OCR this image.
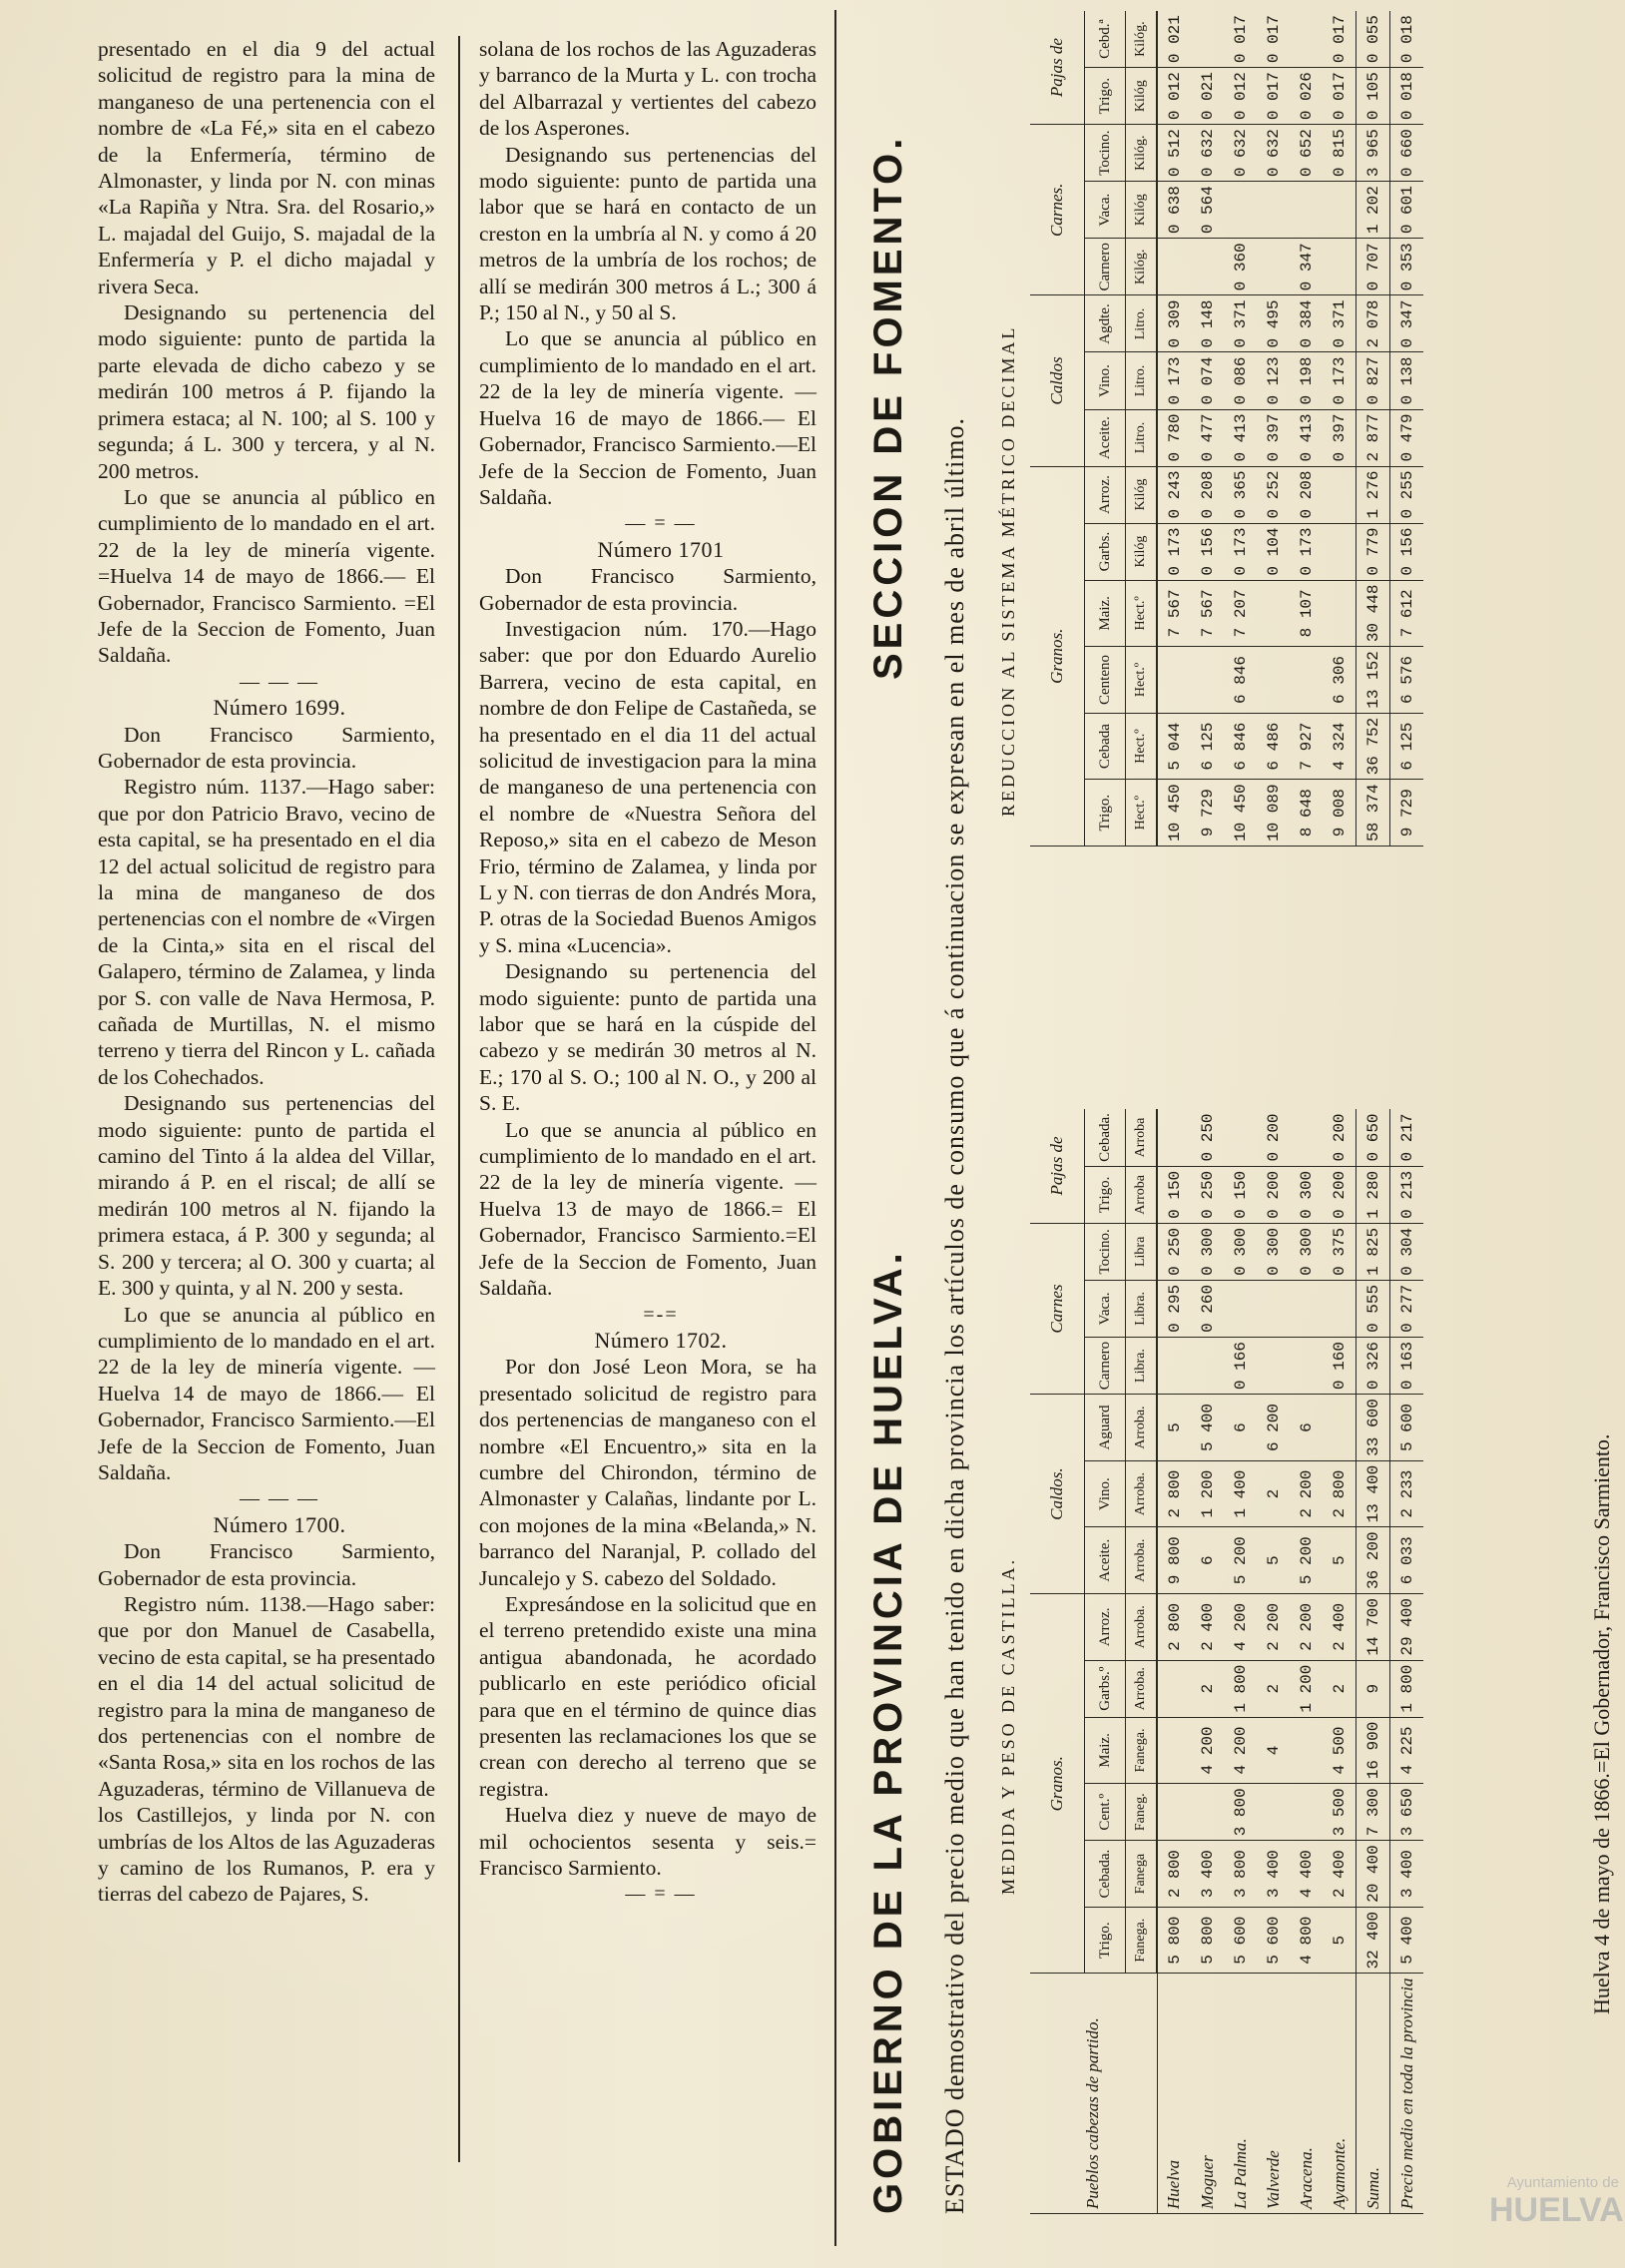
presentado en el dia 9 del actual solicitud de registro para la mina de manganeso de una pertenencia con el nombre de «La Fé,» sita en el cabezo de la Enfermería, término de Almonaster, y linda por N. con minas «La Rapiña y Ntra. Sra. del Rosario,» L. majadal del Guijo, S. majadal de la Enfermería y P. el dicho majadal y rivera Seca.

Designando su pertenencia del modo siguiente: punto de partida la parte elevada de dicho cabezo y se medirán 100 metros á P. fijando la primera estaca; al N. 100; al S. 100 y segunda; á L. 300 y tercera, y al N. 200 metros.

Lo que se anuncia al público en cumplimiento de lo mandado en el art. 22 de la ley de minería vigente. =Huelva 14 de mayo de 1866.— El Gobernador, Francisco Sarmiento. =El Jefe de la Seccion de Fomento, Juan Saldaña.

— — —

Número 1699.

Don Francisco Sarmiento, Gobernador de esta provincia.

Registro núm. 1137.—Hago saber: que por don Patricio Bravo, vecino de esta capital, se ha presentado en el dia 12 del actual solicitud de registro para la mina de manganeso de dos pertenencias con el nombre de «Virgen de la Cinta,» sita en el riscal del Galapero, término de Zalamea, y linda por S. con valle de Nava Hermosa, P. cañada de Murtillas, N. el mismo terreno y tierra del Rincon y L. cañada de los Cohechados.

Designando sus pertenencias del modo siguiente: punto de partida el camino del Tinto á la aldea del Villar, mirando á P. en el riscal; de allí se medirán 100 metros al N. fijando la primera estaca, á P. 300 y segunda; al S. 200 y tercera; al O. 300 y cuarta; al E. 300 y quinta, y al N. 200 y sesta.

Lo que se anuncia al público en cumplimiento de lo mandado en el art. 22 de la ley de minería vigente. —Huelva 14 de mayo de 1866.— El Gobernador, Francisco Sarmiento.—El Jefe de la Seccion de Fomento, Juan Saldaña.

— — —

Número 1700.

Don Francisco Sarmiento, Gobernador de esta provincia.

Registro núm. 1138.—Hago saber: que por don Manuel de Casabella, vecino de esta capital, se ha presentado en el dia 14 del actual solicitud de registro para la mina de manganeso de dos pertenencias con el nombre de «Santa Rosa,» sita en los rochos de las Aguzaderas, término de Villanueva de los Castillejos, y linda por N. con umbrías de los Altos de las Aguzaderas y camino de los Rumanos, P. era y tierras del cabezo de Pajares, S.

solana de los rochos de las Aguzaderas y barranco de la Murta y L. con trocha del Albarrazal y vertientes del cabezo de los Asperones.

Designando sus pertenencias del modo siguiente: punto de partida una labor que se hará en contacto de un creston en la umbría al N. y como á 20 metros de la umbría de los rochos; de allí se medirán 300 metros á L.; 300 á P.; 150 al N., y 50 al S.

Lo que se anuncia al público en cumplimiento de lo mandado en el art. 22 de la ley de minería vigente. —Huelva 16 de mayo de 1866.— El Gobernador, Francisco Sarmiento.—El Jefe de la Seccion de Fomento, Juan Saldaña.

— = —

Número 1701

Don Francisco Sarmiento, Gobernador de esta provincia.

Investigacion núm. 170.—Hago saber: que por don Eduardo Aurelio Barrera, vecino de esta capital, en nombre de don Felipe de Castañeda, se ha presentado en el dia 11 del actual solicitud de investigacion para la mina de manganeso de una pertenencia con el nombre de «Nuestra Señora del Reposo,» sita en el cabezo de Meson Frio, término de Zalamea, y linda por L y N. con tierras de don Andrés Mora, P. otras de la Sociedad Buenos Amigos y S. mina «Lucencia».

Designando su pertenencia del modo siguiente: punto de partida una labor que se hará en la cúspide del cabezo y se medirán 30 metros al N. E.; 170 al S. O.; 100 al N. O., y 200 al S. E.

Lo que se anuncia al público en cumplimiento de lo mandado en el art. 22 de la ley de minería vigente. —Huelva 13 de mayo de 1866.= El Gobernador, Francisco Sarmiento.=El Jefe de la Seccion de Fomento, Juan Saldaña.

=-=

Número 1702.

Por don José Leon Mora, se ha presentado solicitud de registro para dos pertenencias de manganeso con el nombre «El Encuentro,» sita en la cumbre del Chirondon, término de Almonaster y Calañas, lindante por L. con mojones de la mina «Belanda,» N. barranco del Naranjal, P. collado del Juncalejo y S. cabezo del Soldado.

Expresándose en la solicitud que en el terreno pretendido existe una mina antigua abandonada, he acordado publicarlo en este periódico oficial para que en el término de quince dias presenten las reclamaciones los que se crean con derecho al terreno que se registra.

Huelva diez y nueve de mayo de mil ochocientos sesenta y seis.= Francisco Sarmiento.

— = —	GOBIERNO DE LA PROVINCIA DE HUELVA.  SECCION DE FOMENTO.
ESTADO demostrativo del precio medio que han tenido en dicha provincia los artículos de consumo que á continuacion se expresan en el mes de abril último. MEDIDA Y PESO DE CASTILLA.
REDUCCION AL SISTEMA MÉTRICO DECIMAL
Pueblos cabezas de partido.	Granos.						Caldos.			Carnes			Pajas de	
	Trigo.	Cebada.	Cent.º	Maiz.	Garbs.º	Arroz.	Aceite.	Vino.	Aguard	Carnero	Vaca.	Tocino.	Trigo.	Cebada.
	Fanega.	Fanega	Faneg.	Fanega.	Arroba.	Arroba.	Arroba.	Arroba.	Arroba.	Libra.	Libra.	Libra	Arroba	Arroba
Huelva	5 800	2 800				2 800	9 800	2 800	5		0 295	0 250	0 150	
Moguer	5 800	3 400		4 200	2	2 400	6	1 200	5 400		0 260	0 300	0 250	0 250
La Palma.	5 600	3 800	3 800	4 200	1 800	4 200	5 200	1 400	6	0 166		0 300	0 150	
Valverde	5 600	3 400		4	2	2 200	5	2	6 200			0 300	0 200	0 200
Aracena.	4 800	4 400			1 200	2 200	5 200	2 200	6			0 300	0 300	
Ayamonte.	5	2 400	3 500	4 500	2	2 400	5	2 800		0 160		0 375	0 200	0 200
Suma.	32 400	20 400	7 300	16 900	9	14 700	36 200	13 400	33 600	0 326	0 555	1 825	1 280	0 650
Precio medio en toda la provincia	5 400	3 400	3 650	4 225	1 800	29 400	6 033	2 233	5 600	0 163	0 277	0 304	0 213	0 217
Granos.						Caldos			Carnes.			Pajas de	
Trigo.	Cebada	Centeno	Maiz.	Garbs.	Arroz.	Aceite.	Vino.	Agdte.	Carnero	Vaca.	Tocino.	Trigo.	Cebd.ª
Hect.º	Hect.º	Hect.º	Hect.º	Kilóg	Kilóg	Litro.	Litro.	Litro.	Kilóg.	Kilóg	Kilóg.	Kilóg	Kilóg.
10 450	5 044		7 567	0 173	0 243	0 780	0 173	0 309		0 638	0 512	0 012	0 021
9 729	6 125		7 567	0 156	0 208	0 477	0 074	0 148		0 564	0 632	0 021	
10 450	6 846	6 846	7 207	0 173	0 365	0 413	0 086	0 371	0 360		0 632	0 012	0 017
10 089	6 486			0 104	0 252	0 397	0 123	0 495			0 632	0 017	0 017
8 648	7 927		8 107	0 173	0 208	0 413	0 198	0 384	0 347		0 652	0 026	
9 008	4 324	6 306				0 397	0 173	0 371			0 815	0 017	0 017
58 374	36 752	13 152	30 448	0 779	1 276	2 877	0 827	2 078	0 707	1 202	3 965	0 105	0 055
9 729	6 125	6 576	7 612	0 156	0 255	0 479	0 138	0 347	0 353	0 601	0 660	0 018	0 018
Huelva 4 de mayo de 1866.=El Gobernador, Francisco Sarmiento.
Ayuntamiento de
HUELVA
